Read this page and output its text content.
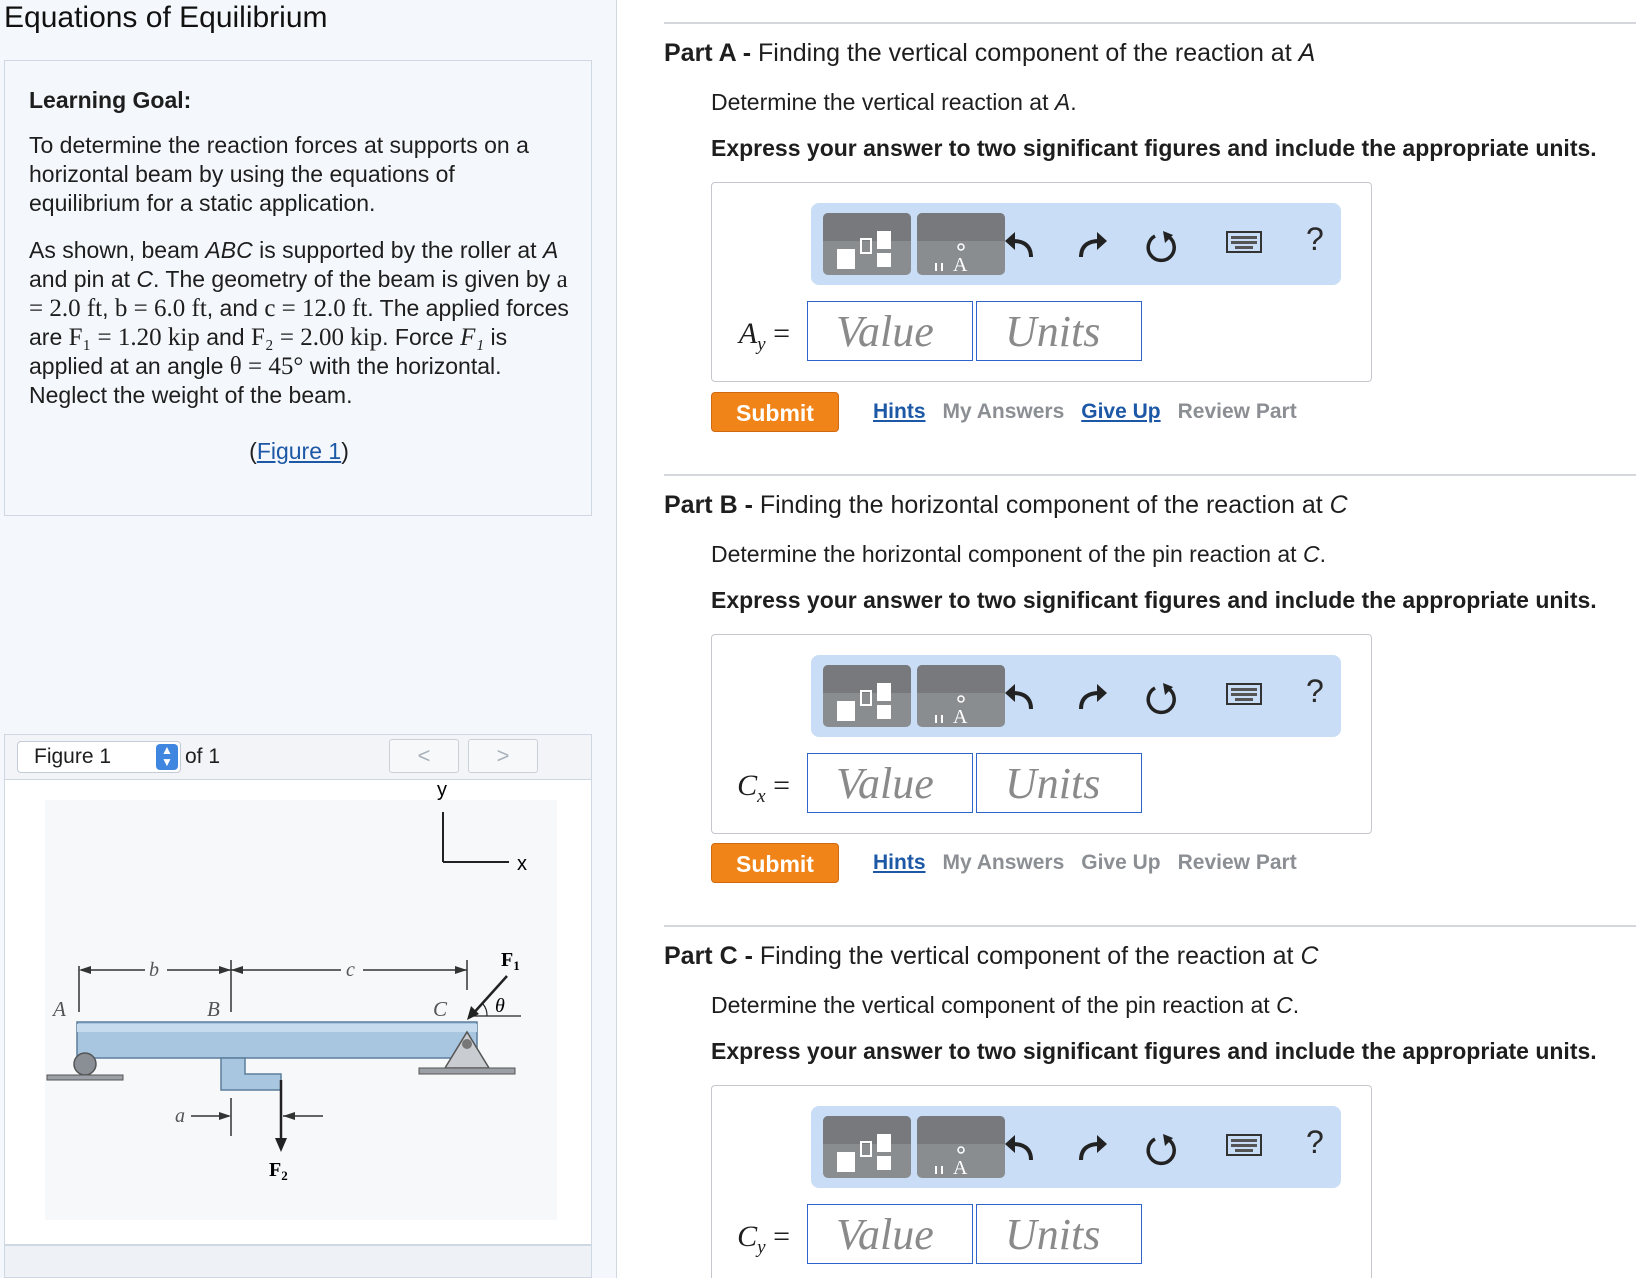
Equations of Equilibrium
Learning Goal:

To determine the reaction forces at supports on a horizontal beam by using the equations of equilibrium for a static application.

As shown, beam ABC is supported by the roller at A and pin at C. The geometry of the beam is given by a = 2.0 ft, b = 6.0 ft, and c = 12.0 ft. The applied forces are F₁ = 1.20 kip and F₂ = 2.00 kip. Force F₁ is applied at an angle θ = 45° with the horizontal. Neglect the weight of the beam.

(Figure 1)
Figure 1	▲
▼ of 1	<	>
y
x
b	c
A	B	C
$F_1$
θ
$F_2$
a
Part A - Finding the vertical component of the reaction at A
Determine the vertical reaction at A.
Express your answer to two significant figures and include the appropriate units.
A
?
$A_y$ =
Value
Units
Submit	Hints My Answers Give Up Review Part
Part B - Finding the horizontal component of the reaction at C
Determine the horizontal component of the pin reaction at C.
Express your answer to two significant figures and include the appropriate units.
A
?
$C_x$ =
Value
Units
Submit	Hints My Answers Give Up Review Part
Part C - Finding the vertical component of the reaction at C
Determine the vertical component of the pin reaction at C.
Express your answer to two significant figures and include the appropriate units.
A
?
$C_y$ =
Value
Units
